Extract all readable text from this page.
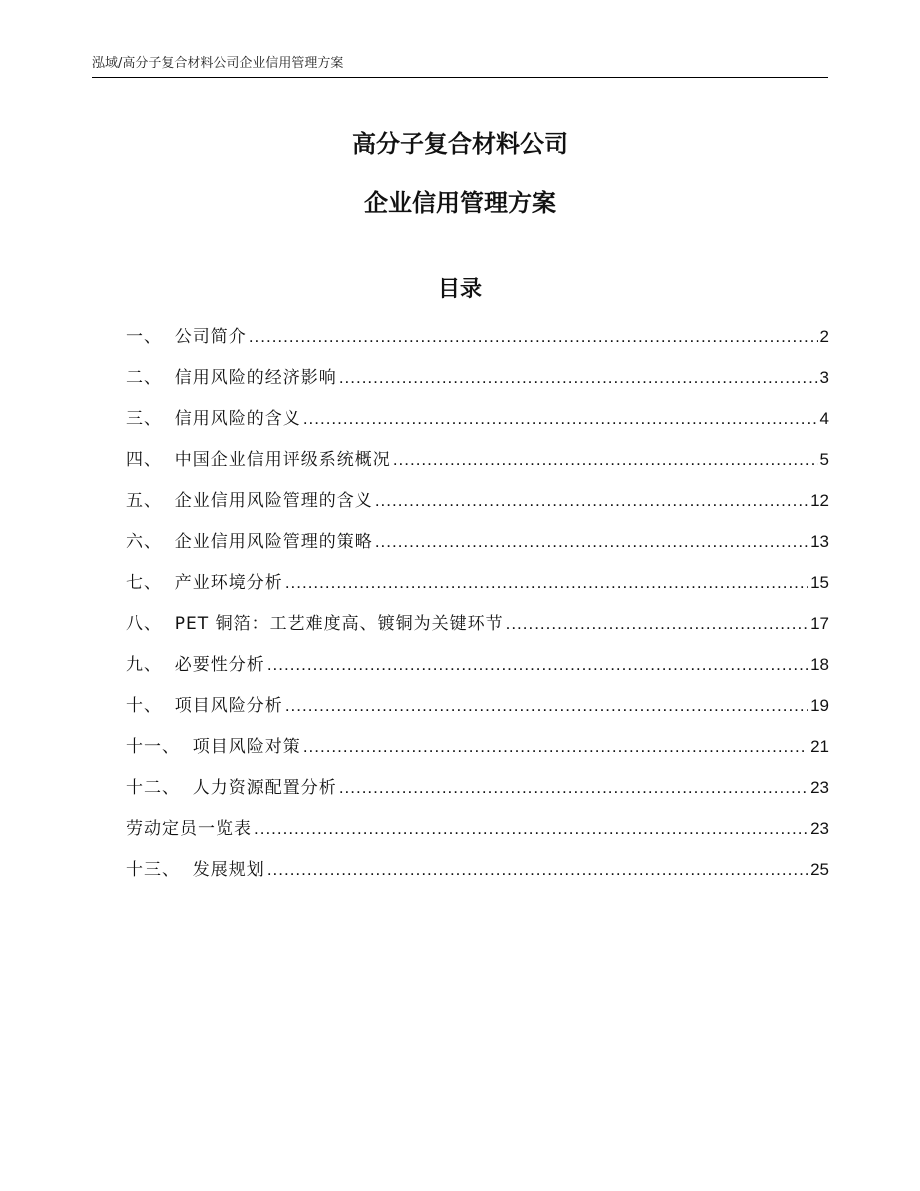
泓域/高分子复合材料公司企业信用管理方案
高分子复合材料公司
企业信用管理方案
目录
一、  公司简介 .....	2
二、  信用风险的经济影响 .....	3
三、  信用风险的含义 .....	4
四、  中国企业信用评级系统概况 .....	5
五、  企业信用风险管理的含义 .....	12
六、  企业信用风险管理的策略 .....	13
七、  产业环境分析 .....	15
八、  PET 铜箔：工艺难度高、镀铜为关键环节 .....	17
九、  必要性分析 .....	18
十、  项目风险分析 .....	19
十一、  项目风险对策 .....	21
十二、  人力资源配置分析 .....	23
劳动定员一览表 .....	23
十三、  发展规划 .....	25
